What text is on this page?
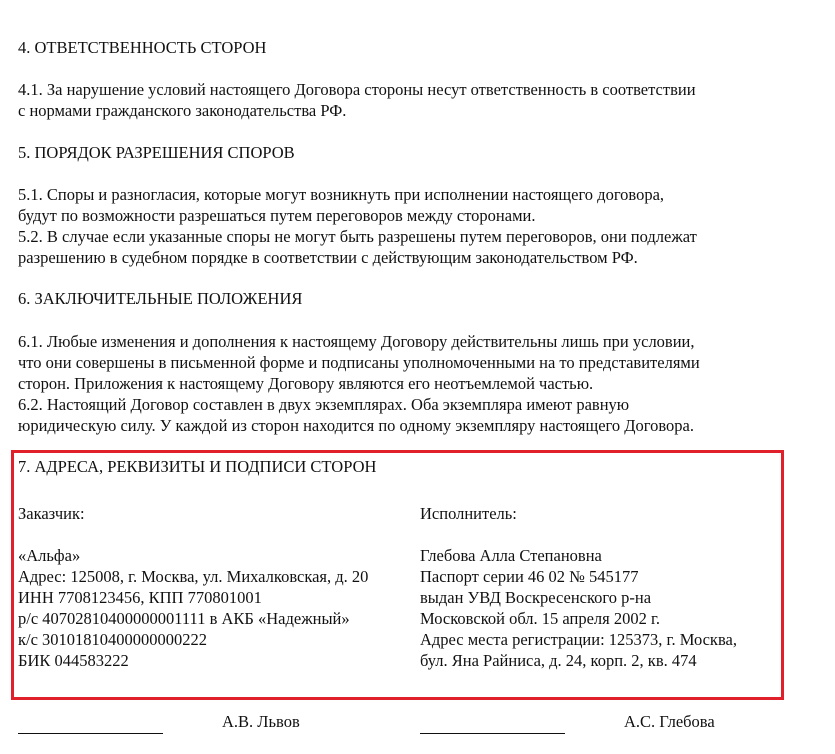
4. ОТВЕТСТВЕННОСТЬ СТОРОН
4.1. За нарушение условий настоящего Договора стороны несут ответственность в соответствии
с нормами гражданского законодательства РФ.
5. ПОРЯДОК РАЗРЕШЕНИЯ СПОРОВ
5.1. Споры и разногласия, которые могут возникнуть при исполнении настоящего договора,
будут по возможности разрешаться путем переговоров между сторонами.
5.2. В случае если указанные споры не могут быть разрешены путем переговоров, они подлежат
разрешению в судебном порядке в соответствии с действующим законодательством РФ.
6. ЗАКЛЮЧИТЕЛЬНЫЕ ПОЛОЖЕНИЯ
6.1. Любые изменения и дополнения к настоящему Договору действительны лишь при условии,
что они совершены в письменной форме и подписаны уполномоченными на то представителями
сторон. Приложения к настоящему Договору являются его неотъемлемой частью.
6.2. Настоящий Договор составлен в двух экземплярах. Оба экземпляра имеют равную
юридическую силу. У каждой из сторон находится по одному экземпляру настоящего Договора.
7. АДРЕСА, РЕКВИЗИТЫ И ПОДПИСИ СТОРОН
Заказчик:
«Альфа»
Адрес: 125008, г. Москва, ул. Михалковская, д. 20
ИНН 7708123456, КПП 770801001
р/с 40702810400000001111 в АКБ «Надежный»
к/с 30101810400000000222
БИК 044583222
Исполнитель:
Глебова Алла Степановна
Паспорт серии 46 02 № 545177
выдан УВД Воскресенского р-на
Московской обл. 15 апреля 2002 г.
Адрес места регистрации: 125373, г. Москва,
бул. Яна Райниса, д. 24, корп. 2, кв. 474
А.В. Львов	А.С. Глебова
